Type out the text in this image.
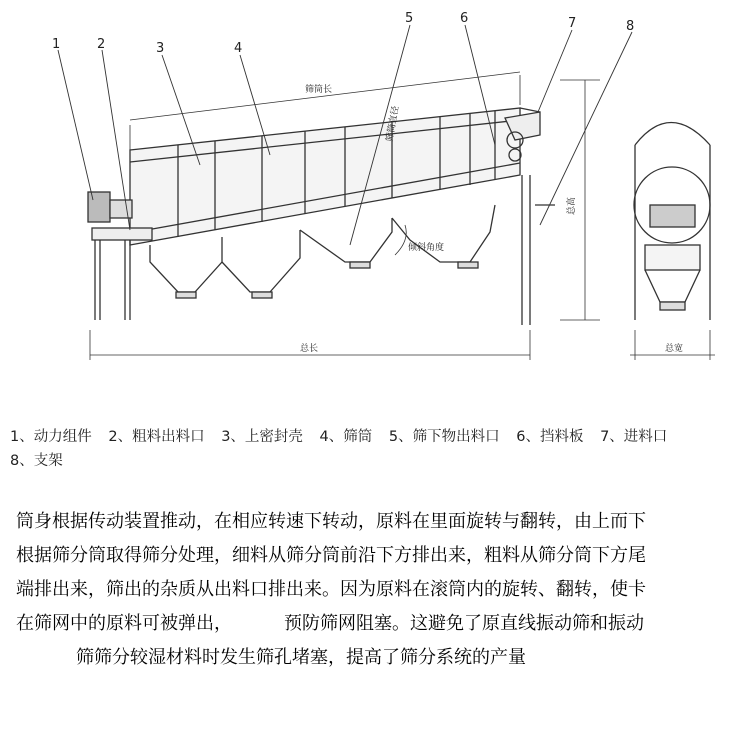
1	2	3	4
5	6	7	8
筛筒长
筛筒直径
倾斜角度
总高
总长	总宽
1、动力组件 2、粗料出料口 3、上密封壳 4、筛筒 5、筛下物出料口 6、挡料板 7、进料口
8、支架

筒身根据传动装置推动，在相应转速下转动，原料在里面旋转与翻转，由上而下

根据筛分筒取得筛分处理，细料从筛分筒前沿下方排出来，粗料从筛分筒下方尾

端排出来，筛出的杂质从出料口排出来。因为原料在滚筒内的旋转、翻转，使卡

在筛网中的原料可被弹出，	预防筛网阻塞。这避免了原直线振动筛和振动

筛筛分较湿材料时发生筛孔堵塞，提高了筛分系统的产量
